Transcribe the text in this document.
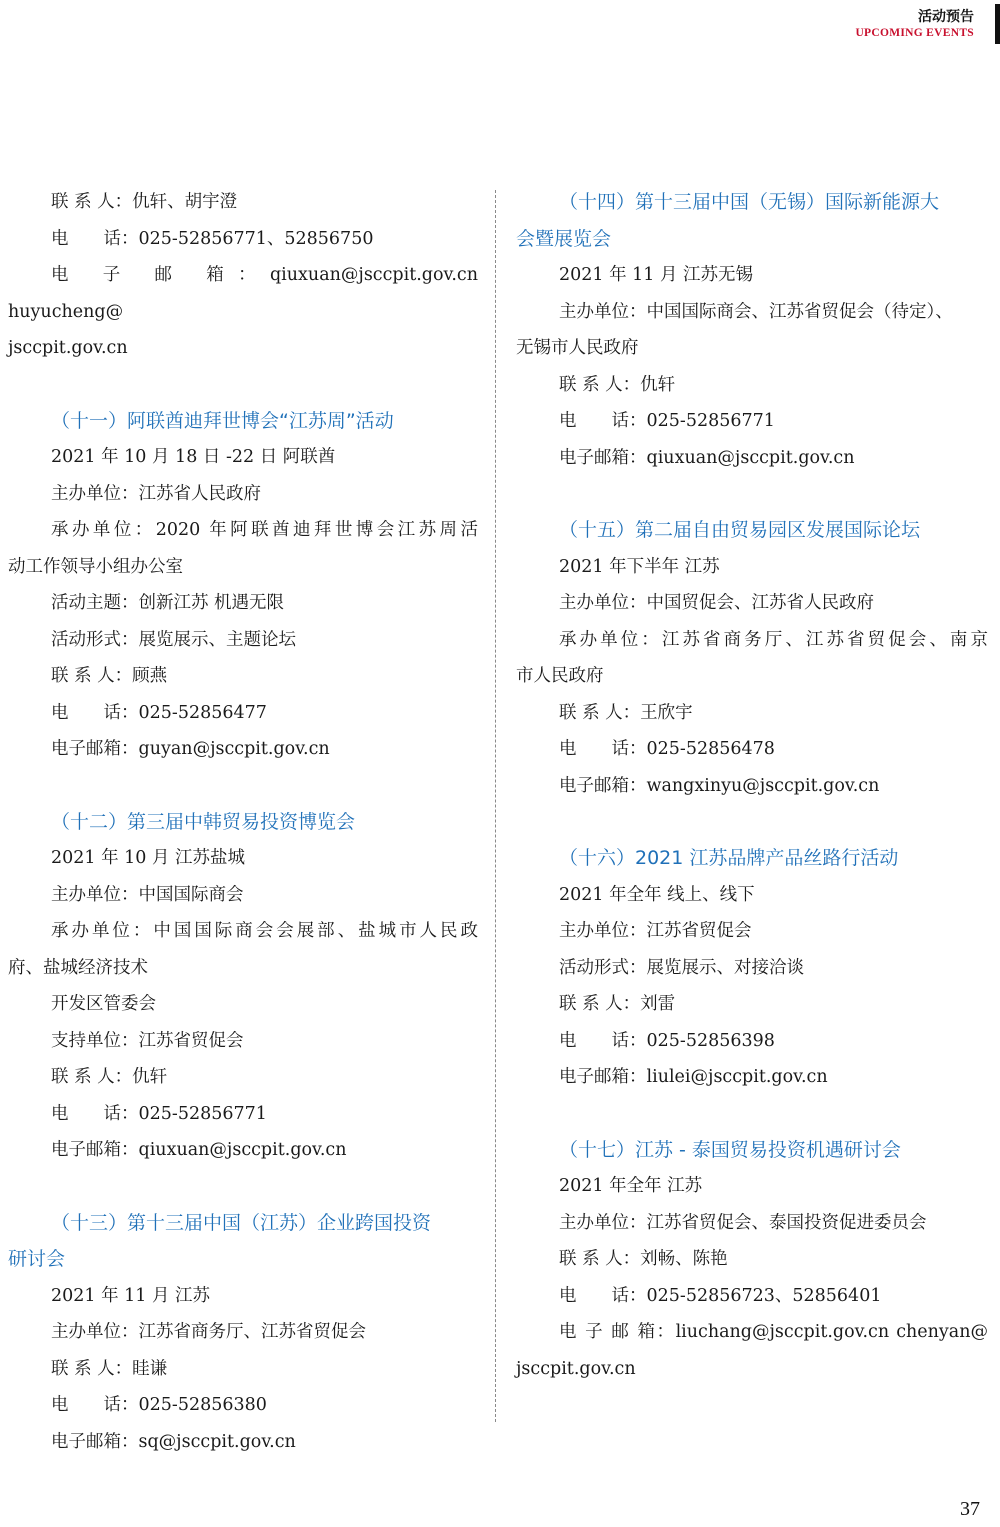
活动预告
UPCOMING EVENTS

联 系 人：仇轩、胡宇澄

电　　话：025-52856771、52856750

电 子 邮 箱：qiuxuan@jsccpit.gov.cn huyucheng@

jsccpit.gov.cn

（十一）阿联酋迪拜世博会“江苏周”活动

2021 年 10 月 18 日 -22 日 阿联酋

主办单位：江苏省人民政府

承办单位：2020 年阿联酋迪拜世博会江苏周活

动工作领导小组办公室

活动主题：创新江苏 机遇无限

活动形式：展览展示、主题论坛

联 系 人：顾燕

电　　话：025-52856477

电子邮箱：guyan@jsccpit.gov.cn

（十二）第三届中韩贸易投资博览会

2021 年 10 月 江苏盐城

主办单位：中国国际商会

承办单位：中国国际商会会展部、盐城市人民政

府、盐城经济技术

开发区管委会

支持单位：江苏省贸促会

联 系 人：仇轩

电　　话：025-52856771

电子邮箱：qiuxuan@jsccpit.gov.cn

（十三）第十三届中国（江苏）企业跨国投资

研讨会

2021 年 11 月 江苏

主办单位：江苏省商务厅、江苏省贸促会

联 系 人：眭谦

电　　话：025-52856380

电子邮箱：sq@jsccpit.gov.cn

（十四）第十三届中国（无锡）国际新能源大

会暨展览会

2021 年 11 月 江苏无锡

主办单位：中国国际商会、江苏省贸促会（待定）、

无锡市人民政府

联 系 人：仇轩

电　　话：025-52856771

电子邮箱：qiuxuan@jsccpit.gov.cn

（十五）第二届自由贸易园区发展国际论坛

2021 年下半年 江苏

主办单位：中国贸促会、江苏省人民政府

承办单位：江苏省商务厅、江苏省贸促会、南京

市人民政府

联 系 人：王欣宇

电　　话：025-52856478

电子邮箱：wangxinyu@jsccpit.gov.cn

（十六）2021 江苏品牌产品丝路行活动

2021 年全年 线上、线下

主办单位：江苏省贸促会

活动形式：展览展示、对接洽谈

联 系 人：刘雷

电　　话：025-52856398

电子邮箱：liulei@jsccpit.gov.cn

（十七）江苏 - 泰国贸易投资机遇研讨会

2021 年全年 江苏

主办单位：江苏省贸促会、泰国投资促进委员会

联 系 人：刘畅、陈艳

电　　话：025-52856723、52856401

电 子 邮 箱：liuchang@jsccpit.gov.cn chenyan@

jsccpit.gov.cn

37
